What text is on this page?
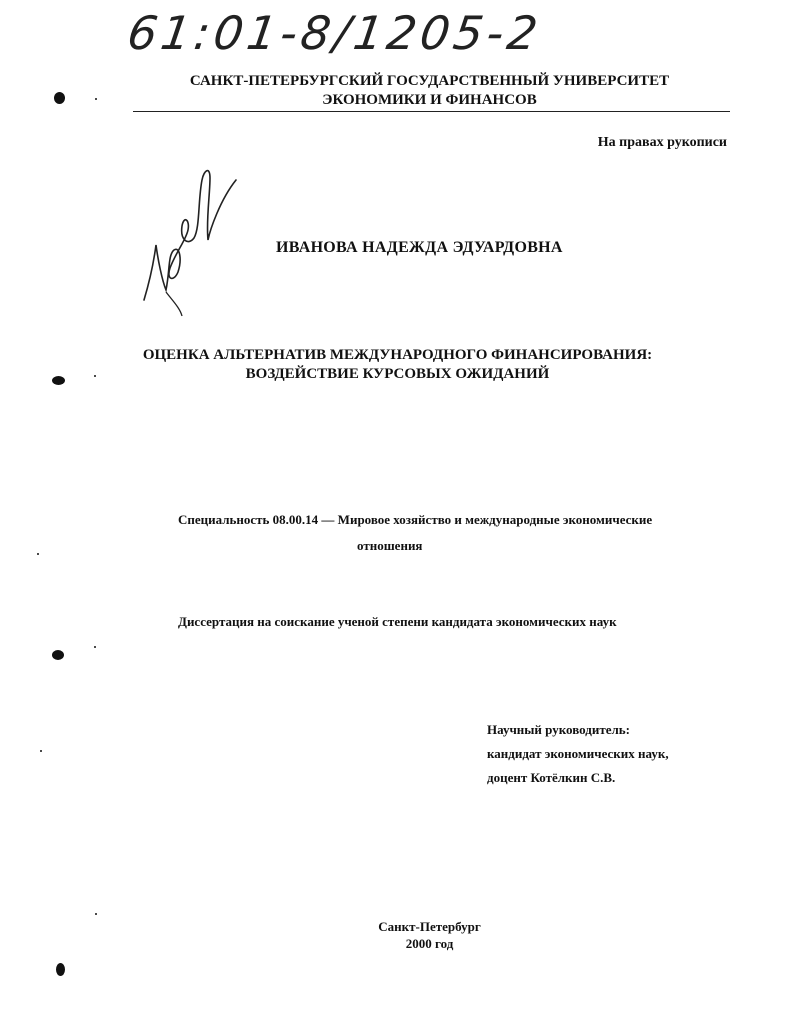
61:01-8/1205-2
САНКТ-ПЕТЕРБУРГСКИЙ ГОСУДАРСТВЕННЫЙ УНИВЕРСИТЕТ
ЭКОНОМИКИ И ФИНАНСОВ
На правах рукописи
ИВАНОВА НАДЕЖДА ЭДУАРДОВНА
ОЦЕНКА АЛЬТЕРНАТИВ МЕЖДУНАРОДНОГО ФИНАНСИРОВАНИЯ:
ВОЗДЕЙСТВИЕ КУРСОВЫХ ОЖИДАНИЙ
Специальность 08.00.14 — Мировое хозяйство и международные экономические
отношения
Диссертация на соискание ученой степени кандидата экономических наук
Научный руководитель:
кандидат экономических наук,
доцент Котёлкин С.В.
Санкт-Петербург
2000 год
